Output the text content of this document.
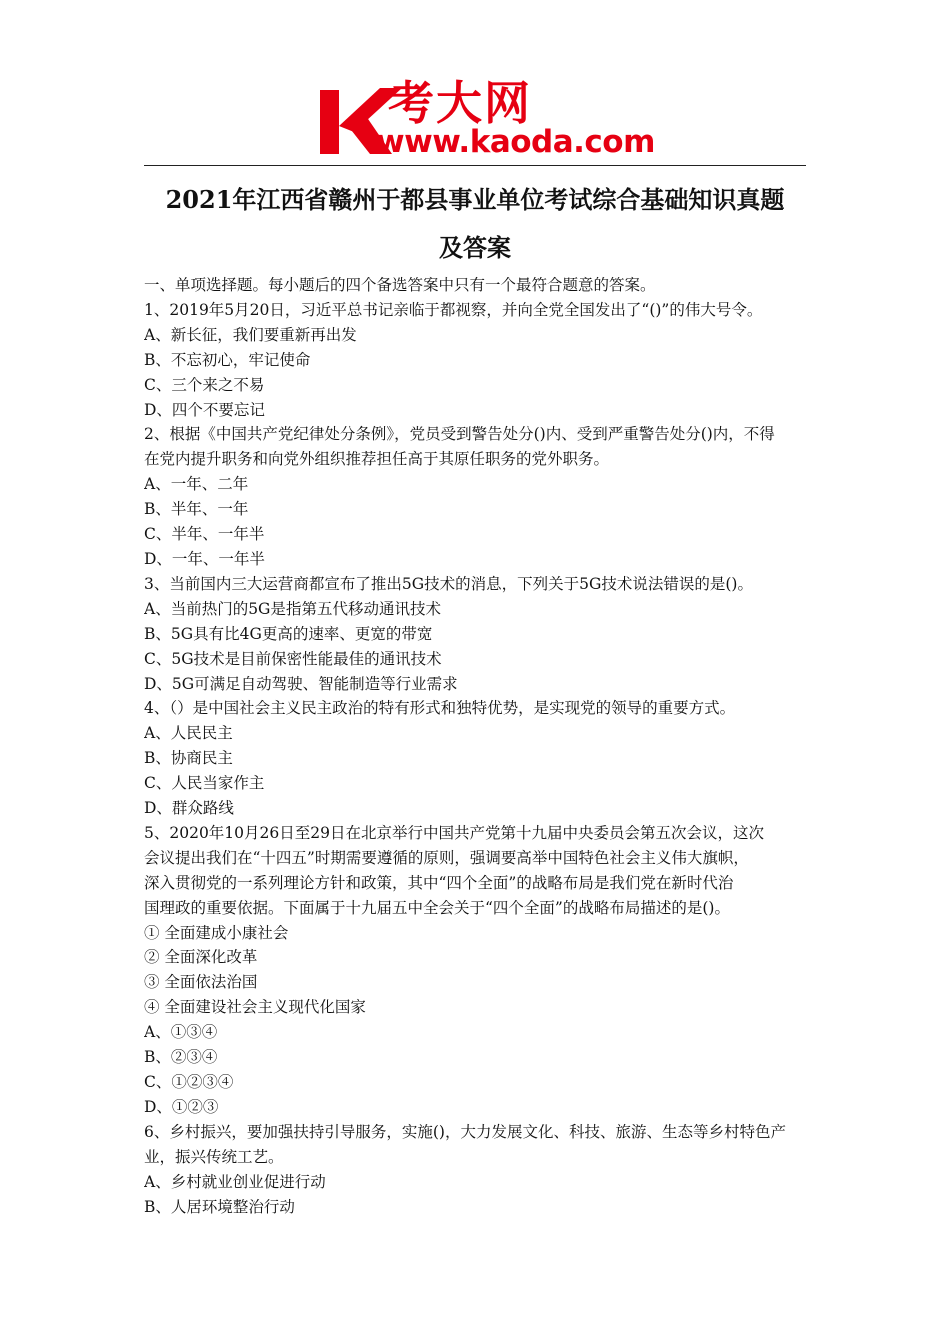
考大网
www.kaoda.com
2021年江西省赣州于都县事业单位考试综合基础知识真题
及答案

一、单项选择题。每小题后的四个备选答案中只有一个最符合题意的答案。

1、2019年5月20日，习近平总书记亲临于都视察，并向全党全国发出了“()”的伟大号令。

A、新长征，我们要重新再出发

B、不忘初心，牢记使命

C、三个来之不易

D、四个不要忘记

2、根据《中国共产党纪律处分条例》，党员受到警告处分()内、受到严重警告处分()内，不得

在党内提升职务和向党外组织推荐担任高于其原任职务的党外职务。

A、一年、二年

B、半年、一年

C、半年、一年半

D、一年、一年半

3、当前国内三大运营商都宣布了推出5G技术的消息，下列关于5G技术说法错误的是()。

A、当前热门的5G是指第五代移动通讯技术

B、5G具有比4G更高的速率、更宽的带宽

C、5G技术是目前保密性能最佳的通讯技术

D、5G可满足自动驾驶、智能制造等行业需求

4、（）是中国社会主义民主政治的特有形式和独特优势，是实现党的领导的重要方式。

A、人民民主

B、协商民主

C、人民当家作主

D、群众路线

5、2020年10月26日至29日在北京举行中国共产党第十九届中央委员会第五次会议，这次

会议提出我们在“十四五”时期需要遵循的原则，强调要高举中国特色社会主义伟大旗帜，

深入贯彻党的一系列理论方针和政策，其中“四个全面”的战略布局是我们党在新时代治

国理政的重要依据。下面属于十九届五中全会关于“四个全面”的战略布局描述的是()。

① 全面建成小康社会

② 全面深化改革

③ 全面依法治国

④ 全面建设社会主义现代化国家

A、①③④

B、②③④

C、①②③④

D、①②③

6、乡村振兴，要加强扶持引导服务，实施()，大力发展文化、科技、旅游、生态等乡村特色产

业，振兴传统工艺。

A、乡村就业创业促进行动

B、人居环境整治行动
